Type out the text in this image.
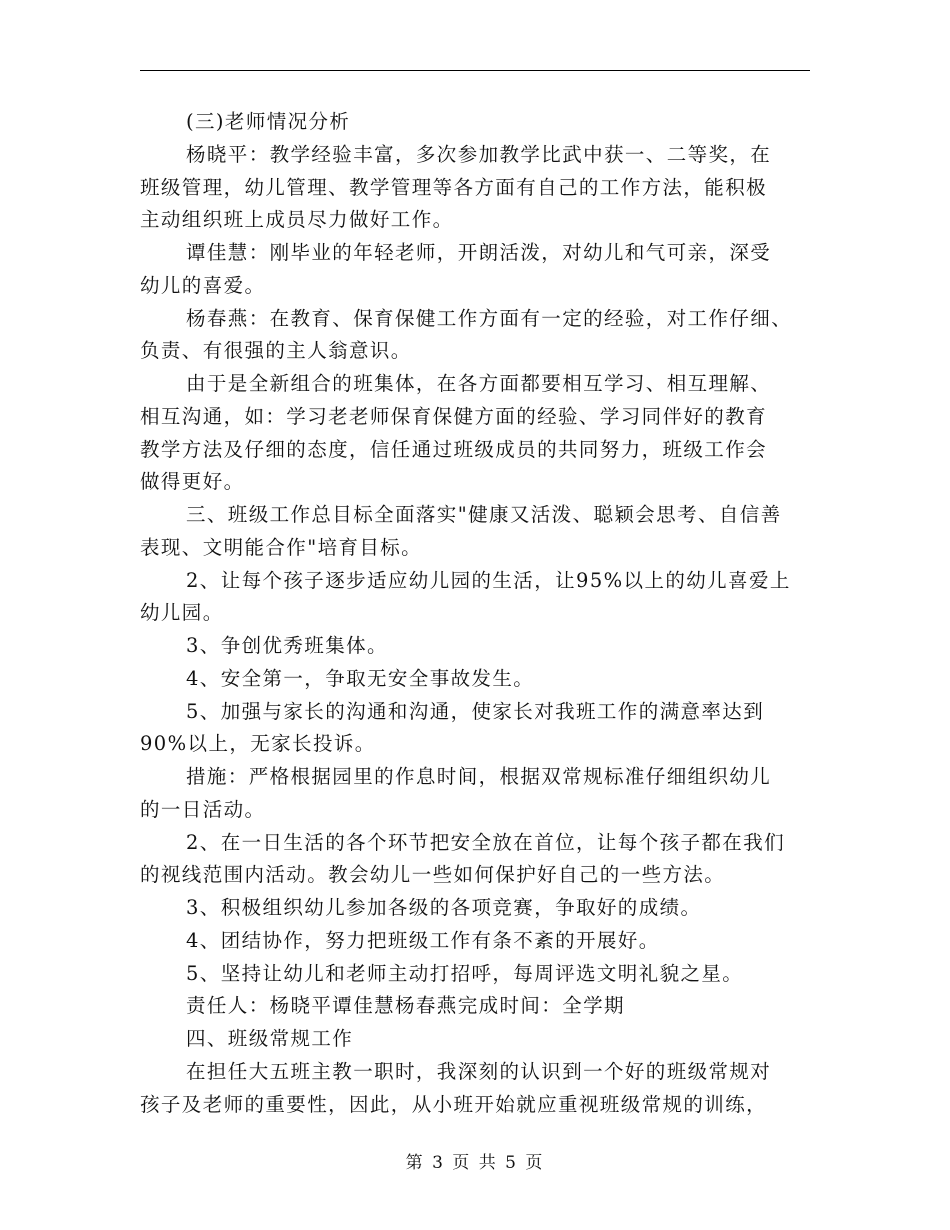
(三)老师情况分析
杨晓平：教学经验丰富，多次参加教学比武中获一、二等奖，在
班级管理，幼儿管理、教学管理等各方面有自己的工作方法，能积极
主动组织班上成员尽力做好工作。
谭佳慧：刚毕业的年轻老师，开朗活泼，对幼儿和气可亲，深受
幼儿的喜爱。
杨春燕：在教育、保育保健工作方面有一定的经验，对工作仔细、
负责、有很强的主人翁意识。
由于是全新组合的班集体，在各方面都要相互学习、相互理解、
相互沟通，如：学习老老师保育保健方面的经验、学习同伴好的教育
教学方法及仔细的态度，信任通过班级成员的共同努力，班级工作会
做得更好。
三、班级工作总目标全面落实"健康又活泼、聪颖会思考、自信善
表现、文明能合作"培育目标。
2、让每个孩子逐步适应幼儿园的生活，让95%以上的幼儿喜爱上
幼儿园。
3、争创优秀班集体。
4、安全第一，争取无安全事故发生。
5、加强与家长的沟通和沟通，使家长对我班工作的满意率达到
90%以上，无家长投诉。
措施：严格根据园里的作息时间，根据双常规标准仔细组织幼儿
的一日活动。
2、在一日生活的各个环节把安全放在首位，让每个孩子都在我们
的视线范围内活动。教会幼儿一些如何保护好自己的一些方法。
3、积极组织幼儿参加各级的各项竞赛，争取好的成绩。
4、团结协作，努力把班级工作有条不紊的开展好。
5、坚持让幼儿和老师主动打招呼，每周评选文明礼貌之星。
责任人：杨晓平谭佳慧杨春燕完成时间：全学期
四、班级常规工作
在担任大五班主教一职时，我深刻的认识到一个好的班级常规对
孩子及老师的重要性，因此，从小班开始就应重视班级常规的训练，
第 3 页 共 5 页
